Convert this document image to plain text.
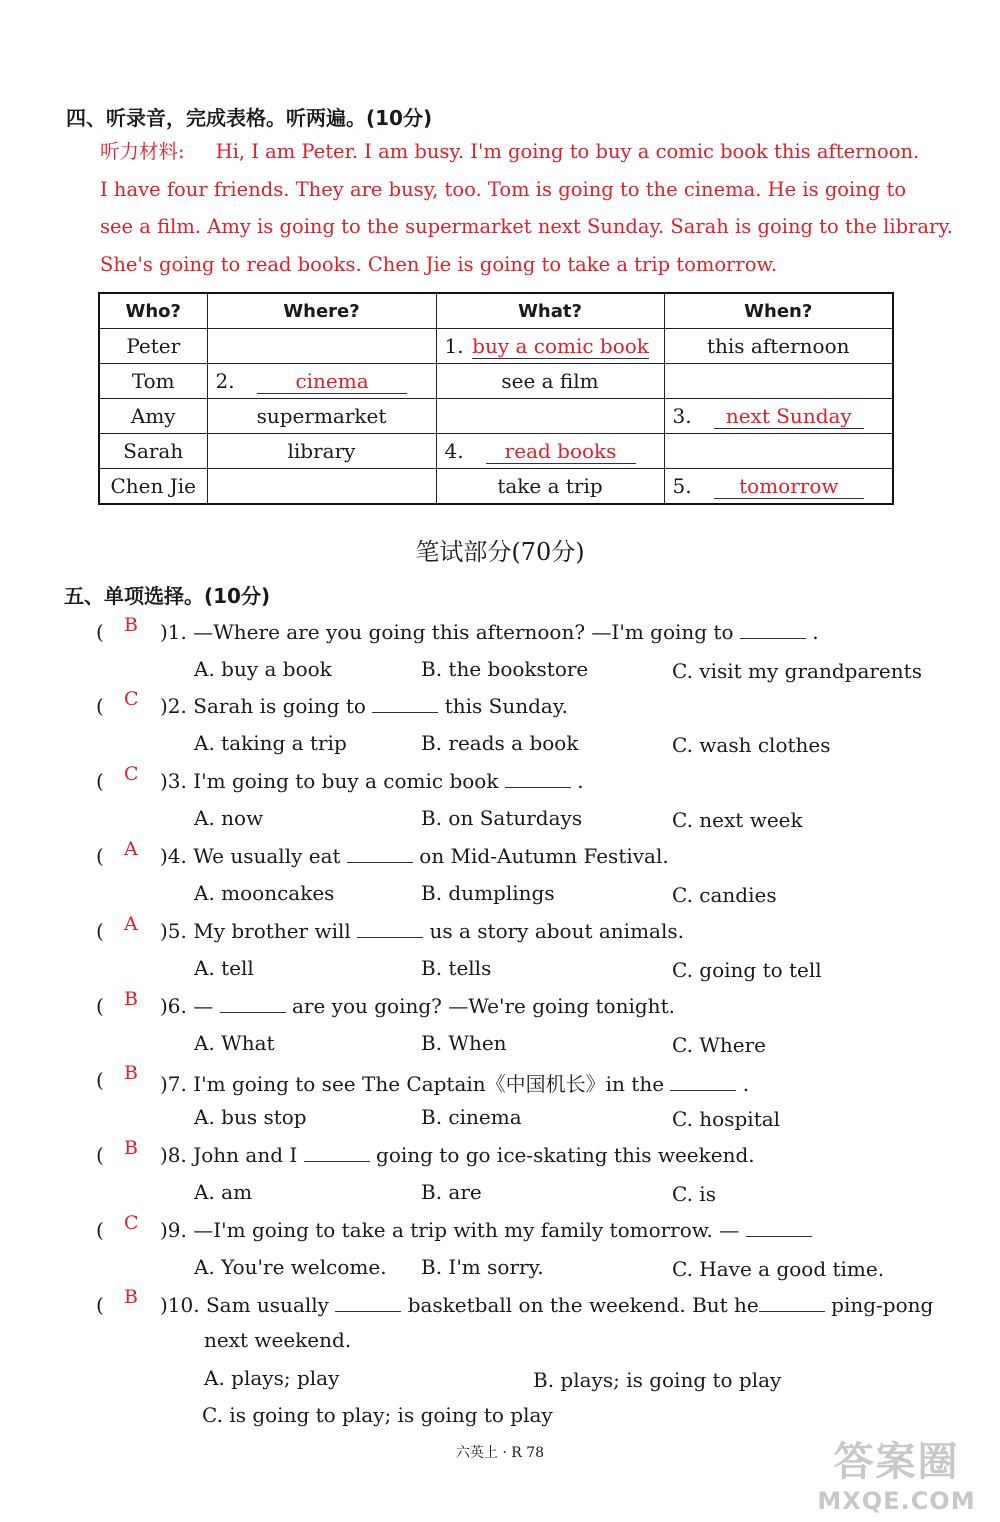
四、听录音，完成表格。听两遍。(10分)

听力材料: Hi, I am Peter. I am busy. I'm going to buy a comic book this afternoon.

I have four friends. They are busy, too. Tom is going to the cinema. He is going to

see a film. Amy is going to the supermarket next Sunday. Sarah is going to the library.

She's going to read books. Chen Jie is going to take a trip tomorrow.

Who?	Where?	What?	When?
Peter		1. buy a comic book	this afternoon
Tom	2. cinema	see a film	
Amy	supermarket		3. next Sunday
Sarah	library	4. read books	
Chen Jie		take a trip	5. tomorrow
笔试部分(70分)
五、单项选择。(10分)
( B )1. —Where are you going this afternoon? —I'm going to	.
A. buy a book	B. the bookstore	C. visit my grandparents
( C )2. Sarah is going to	this Sunday.
A. taking a trip	B. reads a book	C. wash clothes
( C )3. I'm going to buy a comic book	.
A. now	B. on Saturdays	C. next week
( A )4. We usually eat	on Mid-Autumn Festival.
A. mooncakes	B. dumplings	C. candies
( A )5. My brother will	us a story about animals.
A. tell	B. tells	C. going to tell
( B )6. —	are you going? —We're going tonight.
A. What	B. When	C. Where
( B )7. I'm going to see The Captain《中国机长》in the	.
A. bus stop	B. cinema	C. hospital
( B )8. John and I	going to go ice-skating this weekend.
A. am	B. are	C. is
( C )9. —I'm going to take a trip with my family tomorrow. —
A. You're welcome. B. I'm sorry.	C. Have a good time.
( B )10. Sam usually	basketball on the weekend. But he	ping-pong
next weekend.
A. plays; play	B. plays; is going to play
C. is going to play; is going to play
六英上 · R 78	答案圈
MXQE.COM
